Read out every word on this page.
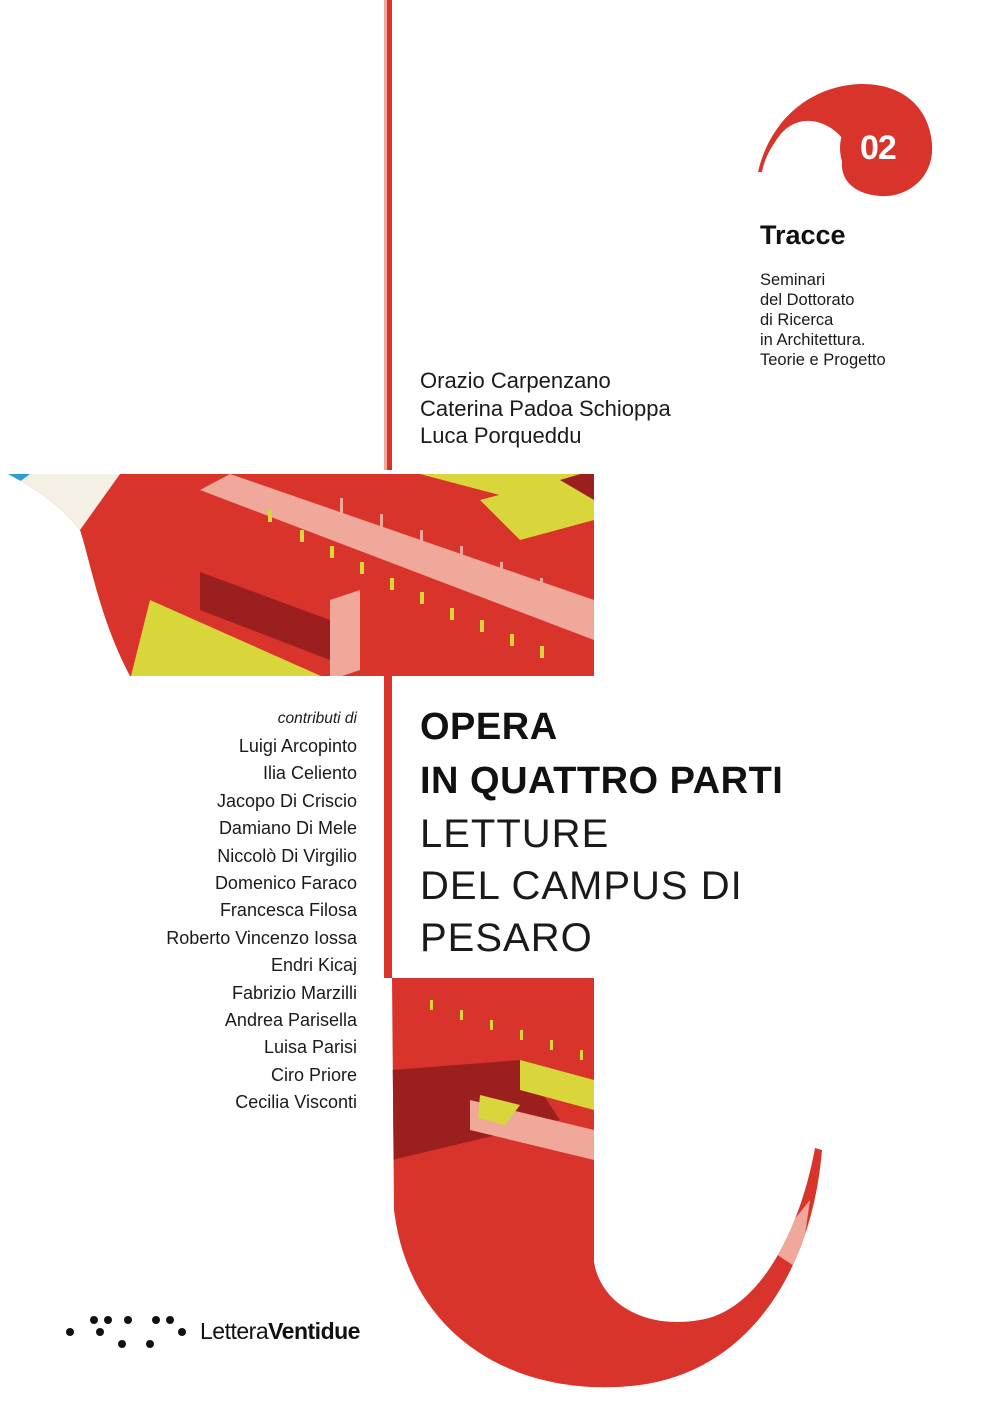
02
Tracce
Seminari
del Dottorato
di Ricerca
in Architettura.
Teorie e Progetto
Orazio Carpenzano
Caterina Padoa Schioppa
Luca Porqueddu
OPERA
IN QUATTRO PARTI
LETTURE
DEL CAMPUS DI
PESARO
contributi di
Luigi Arcopinto
Ilia Celiento
Jacopo Di Criscio
Damiano Di Mele
Niccolò Di Virgilio
Domenico Faraco
Francesca Filosa
Roberto Vincenzo Iossa
Endri Kicaj
Fabrizio Marzilli
Andrea Parisella
Luisa Parisi
Ciro Priore
Cecilia Visconti
LetteraVentidue
